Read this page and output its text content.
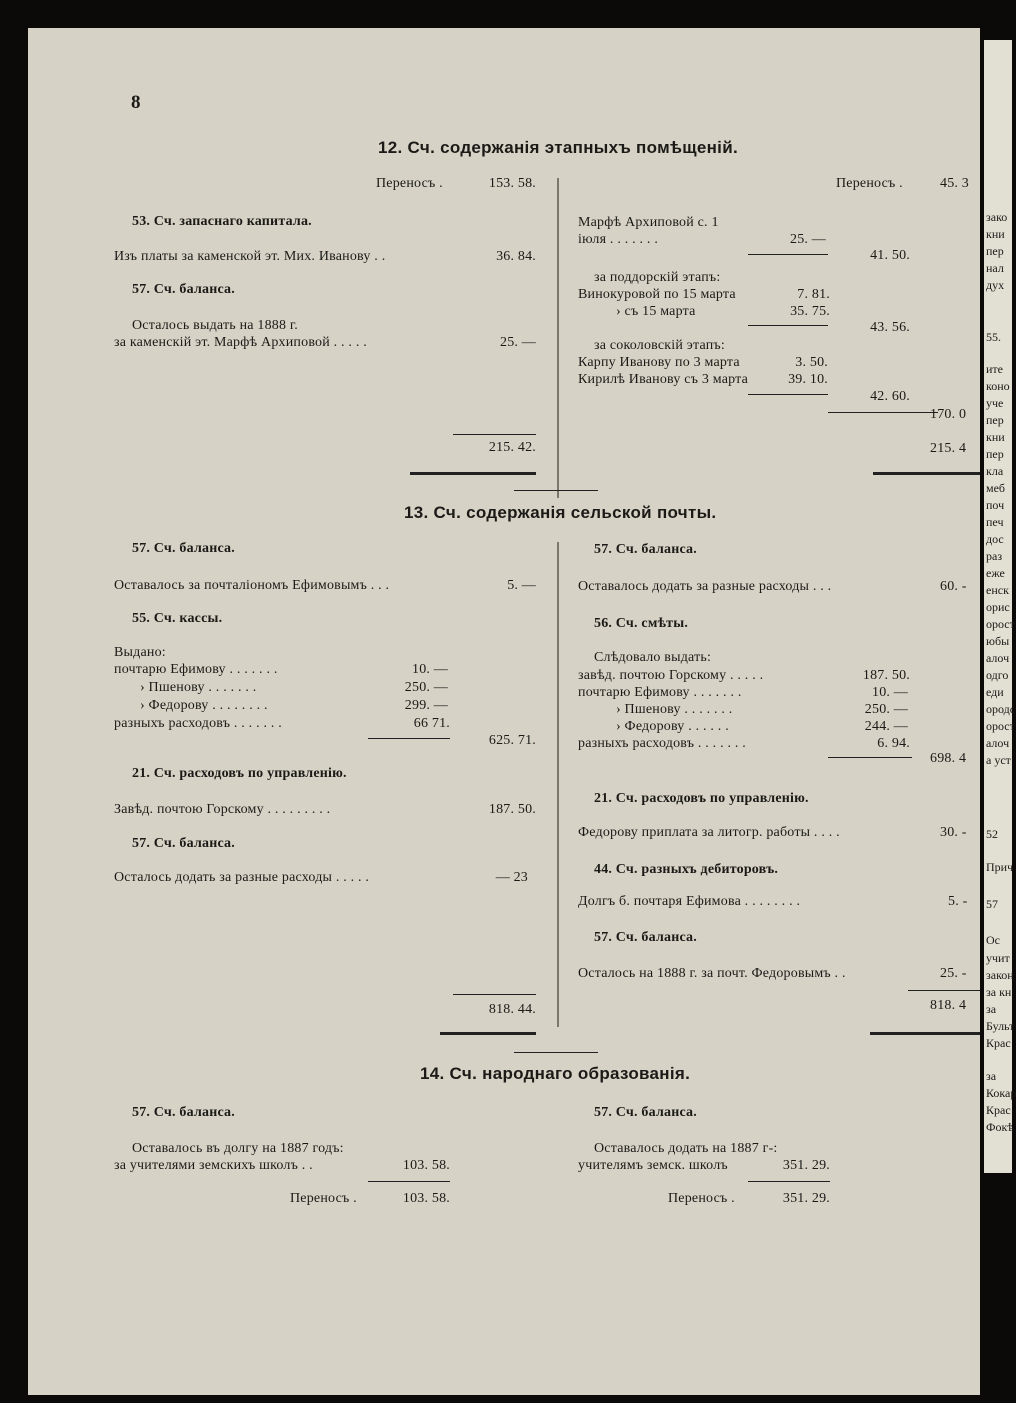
8
12. Сч. содержанія этапныхъ помѣщеній.
Переносъ .	153. 58.
53. Сч. запаснаго капитала.
Изъ платы за каменской эт. Мих. Иванову . .	36. 84.
57. Сч. баланса.
Осталось выдать на 1888 г.
за каменскій эт. Марфѣ Архиповой . . . . .	25. —
215. 42.
Марфѣ Архиповой с. 1
іюля . . . . . . .	25. —
Переносъ .	45. 3
41. 50.
за поддорскій этапъ:
Винокуровой по 15 марта	7. 81.
› съ 15 марта	35. 75.
43. 56.
за соколовскій этапъ:
Карпу Иванову по 3 марта	3. 50.
Кирилѣ Иванову съ 3 марта	39. 10.
42. 60.
170. 0
215. 4
13. Сч. содержанія сельской почты.
57. Сч. баланса.
Оставалось за почталіономъ Ефимовымъ . . .	5. —
55. Сч. кассы.
Выдано:
почтарю Ефимову . . . . . . .	10. —
› Пшенову . . . . . . .	250. —
› Федорову . . . . . . . .	299. —
разныхъ расходовъ . . . . . . .	66 71.
625. 71.
21. Сч. расходовъ по управленію.
Завѣд. почтою Горскому . . . . . . . . .	187. 50.
57. Сч. баланса.
Осталось додать за разные расходы . . . . .	— 23
818. 44.
57. Сч. баланса.
Оставалось додать за разные расходы . . .	60. -
56. Сч. смѣты.
Слѣдовало выдать:
завѣд. почтою Горскому . . . . .	187. 50.
почтарю Ефимову . . . . . . .	10. —
› Пшенову . . . . . . .	250. —
› Федорову . . . . . .	244. —
разныхъ расходовъ . . . . . . .	6. 94.
698. 4
21. Сч. расходовъ по управленію.
Федорову приплата за литогр. работы . . . .	30. -
44. Сч. разныхъ дебиторовъ.
Долгъ б. почтаря Ефимова . . . . . . . .	5. -
57. Сч. баланса.
Осталось на 1888 г. за почт. Федоровымъ . .	25. -
818. 4
14. Сч. народнаго образованія.
57. Сч. баланса.
Оставалось въ долгу на 1887 годъ:
за учителями земскихъ школъ . .	103. 58.
Переносъ .	103. 58.
57. Сч. баланса.
Оставалось додать на 1887 г-:
учителямъ земск. школъ	351. 29.
Переносъ .	351. 29.
зако
кни
пер
нал
дух
55.
ите
коно
уче
пер
кни
пер
кла
меб
поч
печ
дос
раз
еже
енск
орис
орост
юбы
алоч
одго
еди
ородс
орост
алоч
а уст
52
Прич
57
Ос
учит
закон
за кн
за
Бульт
Крас
за
Кокар
Крас
Фокѣ
